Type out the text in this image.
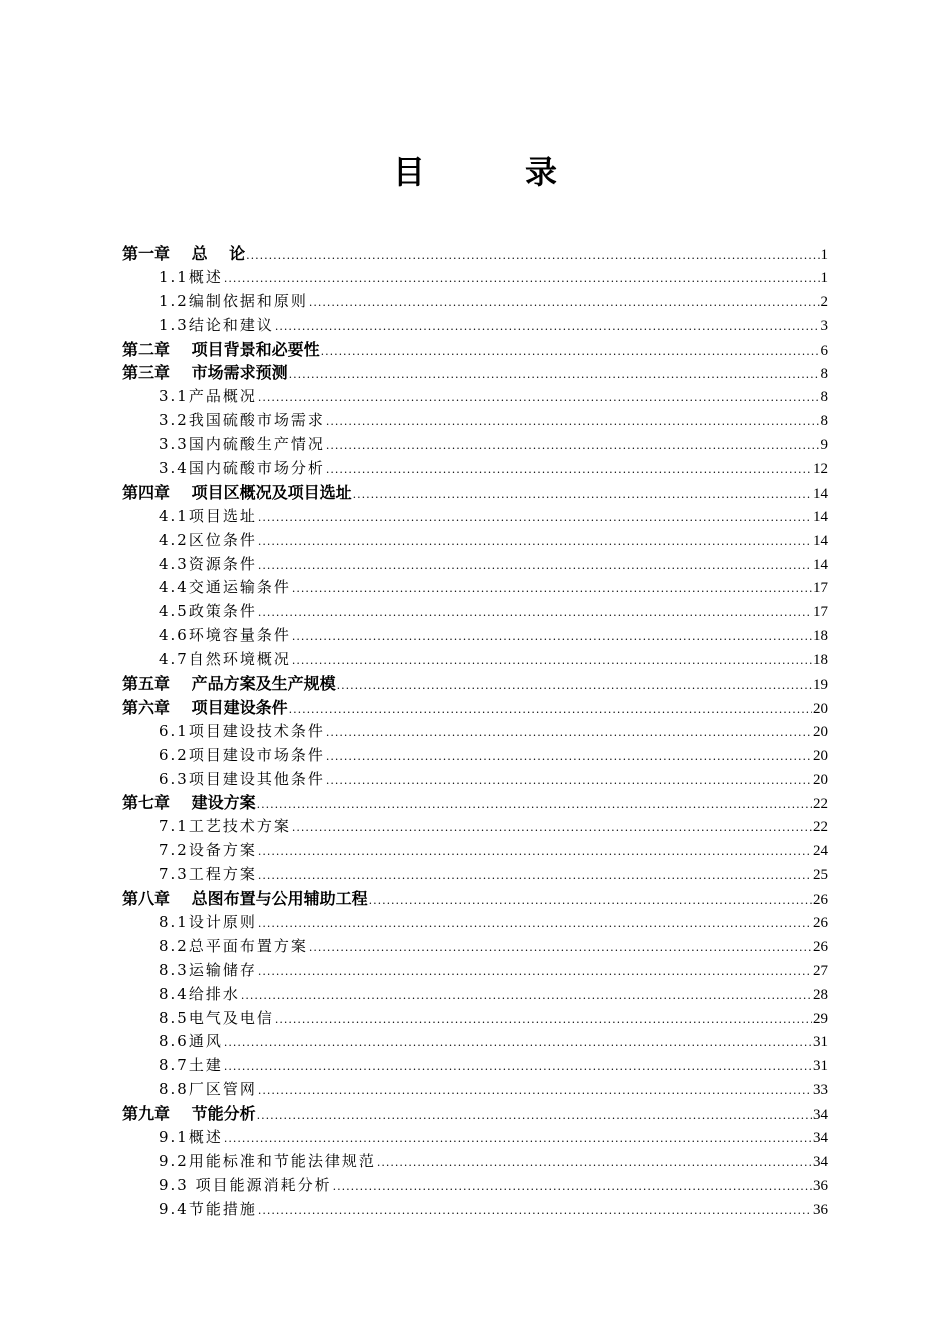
目　录
第一章　 总　 论 .....	1
1.1概述 .....	1
1.2编制依据和原则 .....	2
1.3结论和建议 .....	3
第二章　 项目背景和必要性 .....	6
第三章　 市场需求预测 .....	8
3.1产品概况 .....	8
3.2我国硫酸市场需求 .....	8
3.3国内硫酸生产情况 .....	9
3.4国内硫酸市场分析 .....	12
第四章　 项目区概况及项目选址 .....	14
4.1项目选址 .....	14
4.2区位条件 .....	14
4.3资源条件 .....	14
4.4交通运输条件 .....	17
4.5政策条件 .....	17
4.6环境容量条件 .....	18
4.7自然环境概况 .....	18
第五章　 产品方案及生产规模 .....	19
第六章　 项目建设条件 .....	20
6.1项目建设技术条件 .....	20
6.2项目建设市场条件 .....	20
6.3项目建设其他条件 .....	20
第七章　 建设方案 .....	22
7.1工艺技术方案 .....	22
7.2设备方案 .....	24
7.3工程方案 .....	25
第八章　 总图布置与公用辅助工程 .....	26
8.1设计原则 .....	26
8.2总平面布置方案 .....	26
8.3运输储存 .....	27
8.4给排水 .....	28
8.5电气及电信 .....	29
8.6通风 .....	31
8.7土建 .....	31
8.8厂区管网 .....	33
第九章　 节能分析 .....	34
9.1概述 .....	34
9.2用能标准和节能法律规范 .....	34
9.3 项目能源消耗分析 .....	36
9.4节能措施 .....	36
